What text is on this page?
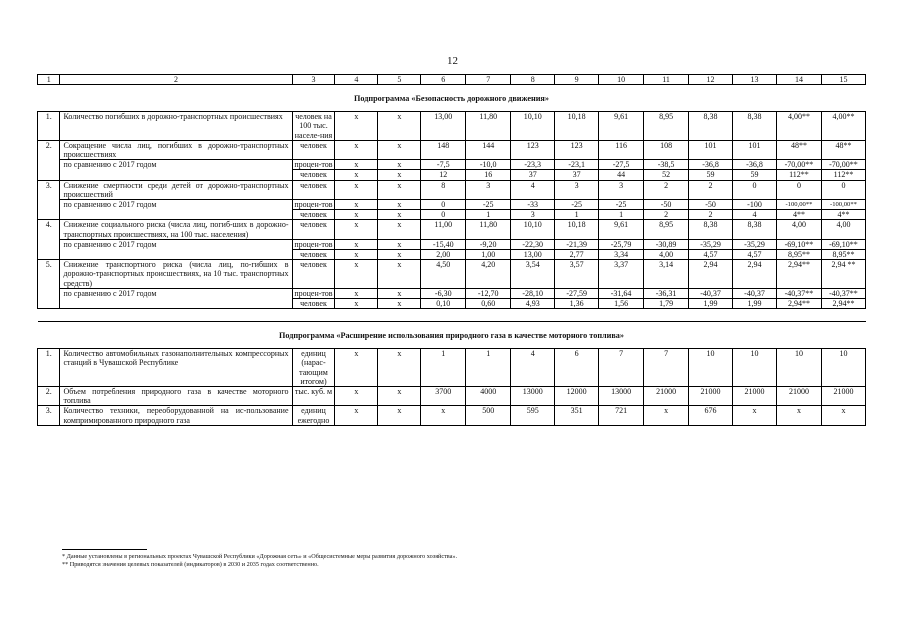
12
1	2	3	4	5	6	7	8	9	10	11	12	13	14	15
Подпрограмма «Безопасность дорожного движения»														
1.	Количество погибших в дорожно-транспортных происшествиях	человек на 100 тыс. населе-ния	x	x	13,00	11,80	10,10	10,18	9,61	8,95	8,38	8,38	4,00**	4,00**
2.	Сокращение числа лиц, погибших в дорожно-транспортных происшествиях	человек	x	x	148	144	123	123	116	108	101	101	48**	48**
	по сравнению с 2017 годом	процен-тов	x	x	-7,5	-10,0	-23,3	-23,1	-27,5	-38,5	-36,8	-36,8	-70,00**	-70,00**
		человек	x	x	12	16	37	37	44	52	59	59	112**	112**
3.	Снижение смертности среди детей от дорожно-транспортных происшествий	человек	x	x	8	3	4	3	3	2	2	0	0	0
	по сравнению с 2017 годом	процен-тов	x	x	0	-25	-33	-25	-25	-50	-50	-100	-100,00**	-100,00**
		человек	x	x	0	1	3	1	1	2	2	4	4**	4**
4.	Снижение социального риска (числа лиц, погиб-ших в дорожно-транспортных происшествиях, на 100 тыс. населения)	человек	x	x	11,00	11,80	10,10	10,18	9,61	8,95	8,38	8,38	4,00	4,00
	по сравнению с 2017 годом	процен-тов	x	x	-15,40	-9,20	-22,30	-21,39	-25,79	-30,89	-35,29	-35,29	-69,10**	-69,10**
		человек	x	x	2,00	1,00	13,00	2,77	3,34	4,00	4,57	4,57	8,95**	8,95**
5.	Снижение транспортного риска (числа лиц, по-гибших в дорожно-транспортных происшествиях, на 10 тыс. транспортных средств)	человек	x	x	4,50	4,20	3,54	3,57	3,37	3,14	2,94	2,94	2,94**	2,94 **
	по сравнению с 2017 годом	процен-тов	x	x	-6,30	-12,70	-28,10	-27,59	-31,64	-36,31	-40,37	-40,37	-40,37**	-40,37**
		человек	x	x	0,10	0,60	4,93	1,36	1,56	1,79	1,99	1,99	2,94**	2,94**

Подпрограмма «Расширение использования природного газа в качестве моторного топлива»														
1.	Количество автомобильных газонаполнительных компрессорных станций в Чувашской Республике	единиц (нарас-тающим итогом)	x	x	1	1	4	6	7	7	10	10	10	10
2.	Объем потребления природного газа в качестве моторного топлива	тыс. куб. м	x	x	3700	4000	13000	12000	13000	21000	21000	21000	21000	21000
3.	Количество техники, переоборудованной на ис-пользование компримированного природного газа	единиц ежегодно	x	x	x	500	595	351	721	x	676	x	x	x
* Данные установлены в региональных проектах Чувашской Республики «Дорожная сеть» и «Общесистемные меры развития дорожного хозяйства».
** Приводятся значения целевых показателей (индикаторов) в 2030 и 2035 годах соответственно.
